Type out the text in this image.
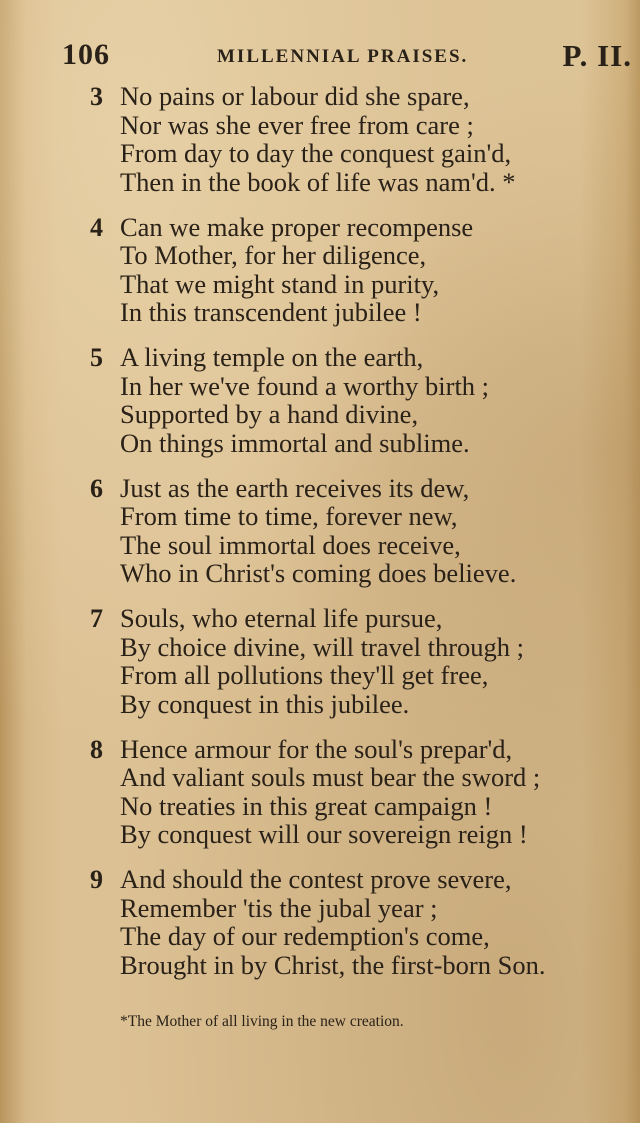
106	MILLENNIAL PRAISES.	P. II.
3 No pains or labour did she spare,
Nor was she ever free from care ;
From day to day the conquest gain'd,
Then in the book of life was nam'd. *
4 Can we make proper recompense
To Mother, for her diligence,
That we might stand in purity,
In this transcendent jubilee !
5 A living temple on the earth,
In her we've found a worthy birth ;
Supported by a hand divine,
On things immortal and sublime.
6 Just as the earth receives its dew,
From time to time, forever new,
The soul immortal does receive,
Who in Christ's coming does believe.
7 Souls, who eternal life pursue,
By choice divine, will travel through ;
From all pollutions they'll get free,
By conquest in this jubilee.
8 Hence armour for the soul's prepar'd,
And valiant souls must bear the sword ;
No treaties in this great campaign !
By conquest will our sovereign reign !
9 And should the contest prove severe,
Remember 'tis the jubal year ;
The day of our redemption's come,
Brought in by Christ, the first-born Son.
*The Mother of all living in the new creation.
